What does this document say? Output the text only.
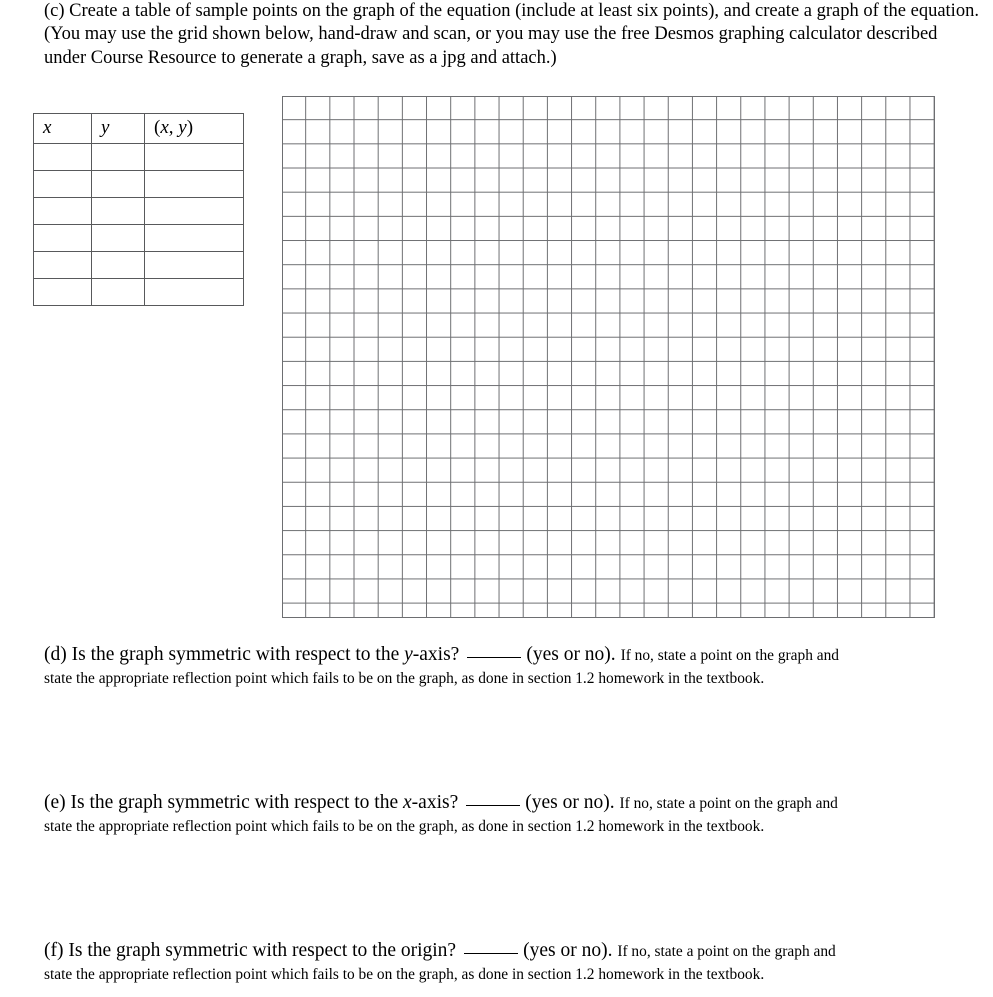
(c) Create a table of sample points on the graph of the equation (include at least six points), and create a graph of the equation. (You may use the grid shown below, hand-draw and scan, or you may use the free Desmos graphing calculator described under Course Resource to generate a graph, save as a jpg and attach.)
x	y	(x, y)

(d) Is the graph symmetric with respect to the y-axis?	(yes or no). If no, state a point on the graph and
state the appropriate reflection point which fails to be on the graph, as done in section 1.2 homework in the textbook.
(e) Is the graph symmetric with respect to the x-axis?	(yes or no). If no, state a point on the graph and
state the appropriate reflection point which fails to be on the graph, as done in section 1.2 homework in the textbook.
(f) Is the graph symmetric with respect to the origin?	(yes or no). If no, state a point on the graph and
state the appropriate reflection point which fails to be on the graph, as done in section 1.2 homework in the textbook.
